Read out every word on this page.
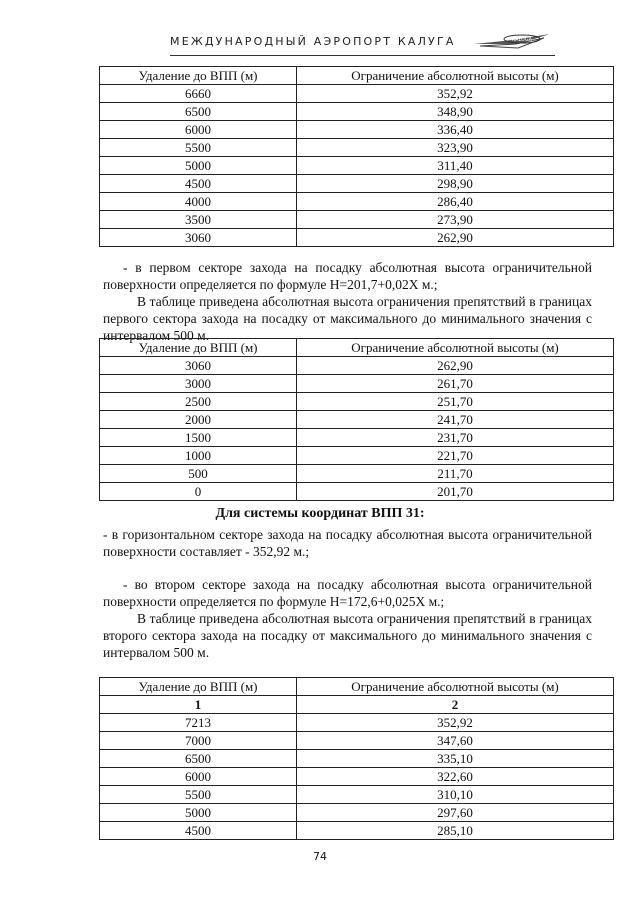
МЕЖДУНАРОДНЫЙ АЭРОПОРТ КАЛУГА	KALUGA
Удаление до ВПП (м)	Ограничение абсолютной высоты (м)
6660	352,92
6500	348,90
6000	336,40
5500	323,90
5000	311,40
4500	298,90
4000	286,40
3500	273,90
3060	262,90
- в первом секторе захода на посадку абсолютная высота ограничительной поверхности определяется по формуле H=201,7+0,02X м.;
В таблице приведена абсолютная высота ограничения препятствий в границах первого сектора захода на посадку от максимального до минимального значения с интервалом 500 м.
Удаление до ВПП (м)	Ограничение абсолютной высоты (м)
3060	262,90
3000	261,70
2500	251,70
2000	241,70
1500	231,70
1000	221,70
500	211,70
0	201,70
Для системы координат ВПП 31:
- в горизонтальном секторе захода на посадку абсолютная высота ограничительной поверхности составляет - 352,92 м.;
- во втором секторе захода на посадку абсолютная высота ограничительной поверхности определяется по формуле H=172,6+0,025X м.;
В таблице приведена абсолютная высота ограничения препятствий в границах второго сектора захода на посадку от максимального до минимального значения с интервалом 500 м.
Удаление до ВПП (м)	Ограничение абсолютной высоты (м)
1	2
7213	352,92
7000	347,60
6500	335,10
6000	322,60
5500	310,10
5000	297,60
4500	285,10
74
